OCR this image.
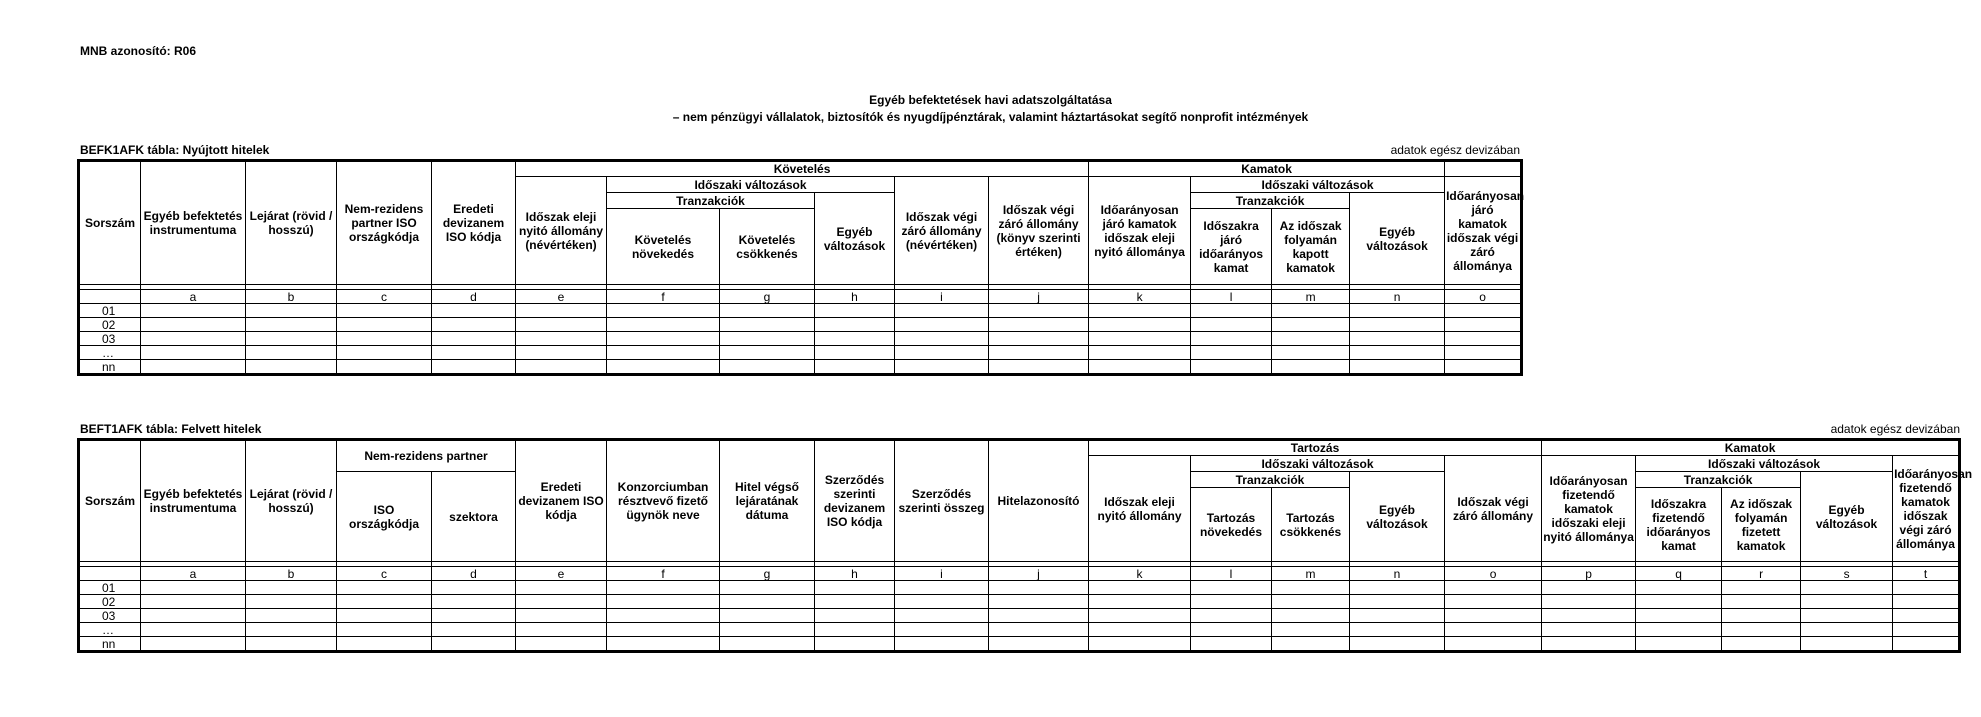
MNB azonosító: R06
Egyéb befektetések havi adatszolgáltatása
– nem pénzügyi vállalatok, biztosítók és nyugdíjpénztárak, valamint háztartásokat segítő nonprofit intézmények
BEFK1AFK tábla: Nyújtott hitelek	adatok egész devizában
Sorszám	Egyéb befektetés instrumentuma	Lejárat (rövid / hosszú)	Nem-rezidens partner ISO országkódja	Eredeti devizanem ISO kódja	Követelés						Kamatok				
					Időszak eleji nyitó állomány (névértéken)	Időszaki változások			Időszak végi záró állomány (névértéken)	Időszak végi záró állomány (könyv szerinti értéken)	Időarányosan járó kamatok időszak eleji nyitó állománya	Időszaki változások			Időarányosan járó kamatok időszak végi záró állománya
						Tranzakciók		Egyéb változások				Tranzakciók		Egyéb változások	
						Követelés növekedés	Követelés csökkenés					Időszakra járó időarányos kamat	Az időszak folyamán kapott kamatok		

	a	b	c	d	e	f	g	h	i	j	k	l	m	n	o
01															
02															
03															
…															
nn															
BEFT1AFK tábla: Felvett hitelek	adatok egész devizában
Sorszám	Egyéb befektetés instrumentuma	Lejárat (rövid / hosszú)	Nem-rezidens partner		Eredeti devizanem ISO kódja	Konzorciumban résztvevő fizető ügynök neve	Hitel végső lejáratának dátuma	Szerződés szerinti devizanem ISO kódja	Szerződés szerinti összeg	Hitelazonosító	Tartozás					Kamatok				
											Időszak eleji nyitó állomány	Időszaki változások			Időszak végi záró állomány	Időarányosan fizetendő kamatok időszaki eleji nyitó állománya	Időszaki változások			Időarányosan fizetendő kamatok időszak végi záró állománya
			ISO országkódja	szektora								Tranzakciók		Egyéb változások			Tranzakciók		Egyéb változások	
												Tartozás növekedés	Tartozás csökkenés				Időszakra fizetendő időarányos kamat	Az időszak folyamán fizetett kamatok		

	a	b	c	d	e	f	g	h	i	j	k	l	m	n	o	p	q	r	s	t
01																				
02																				
03																				
…																				
nn																				
